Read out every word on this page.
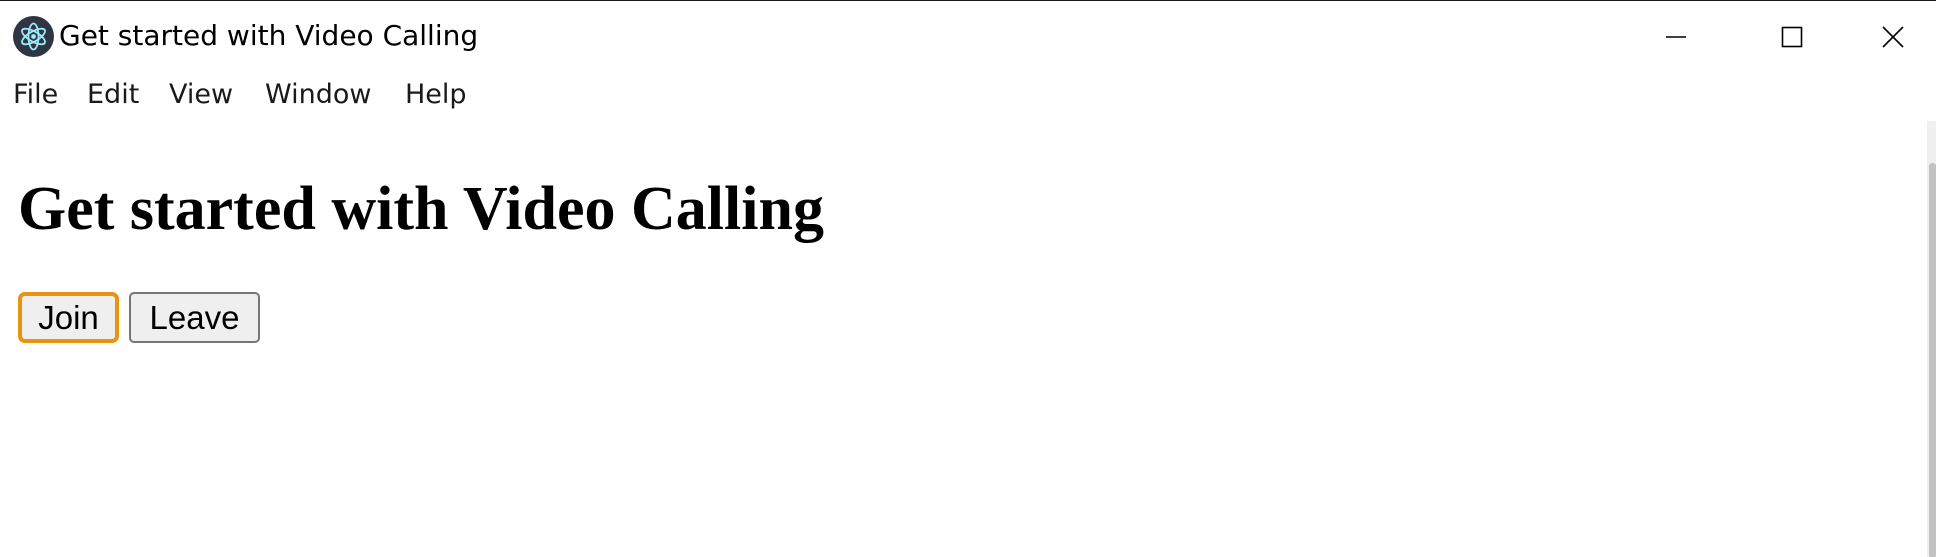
Get started with Video Calling
File Edit View Window Help
Get started with Video Calling
Join	Leave
